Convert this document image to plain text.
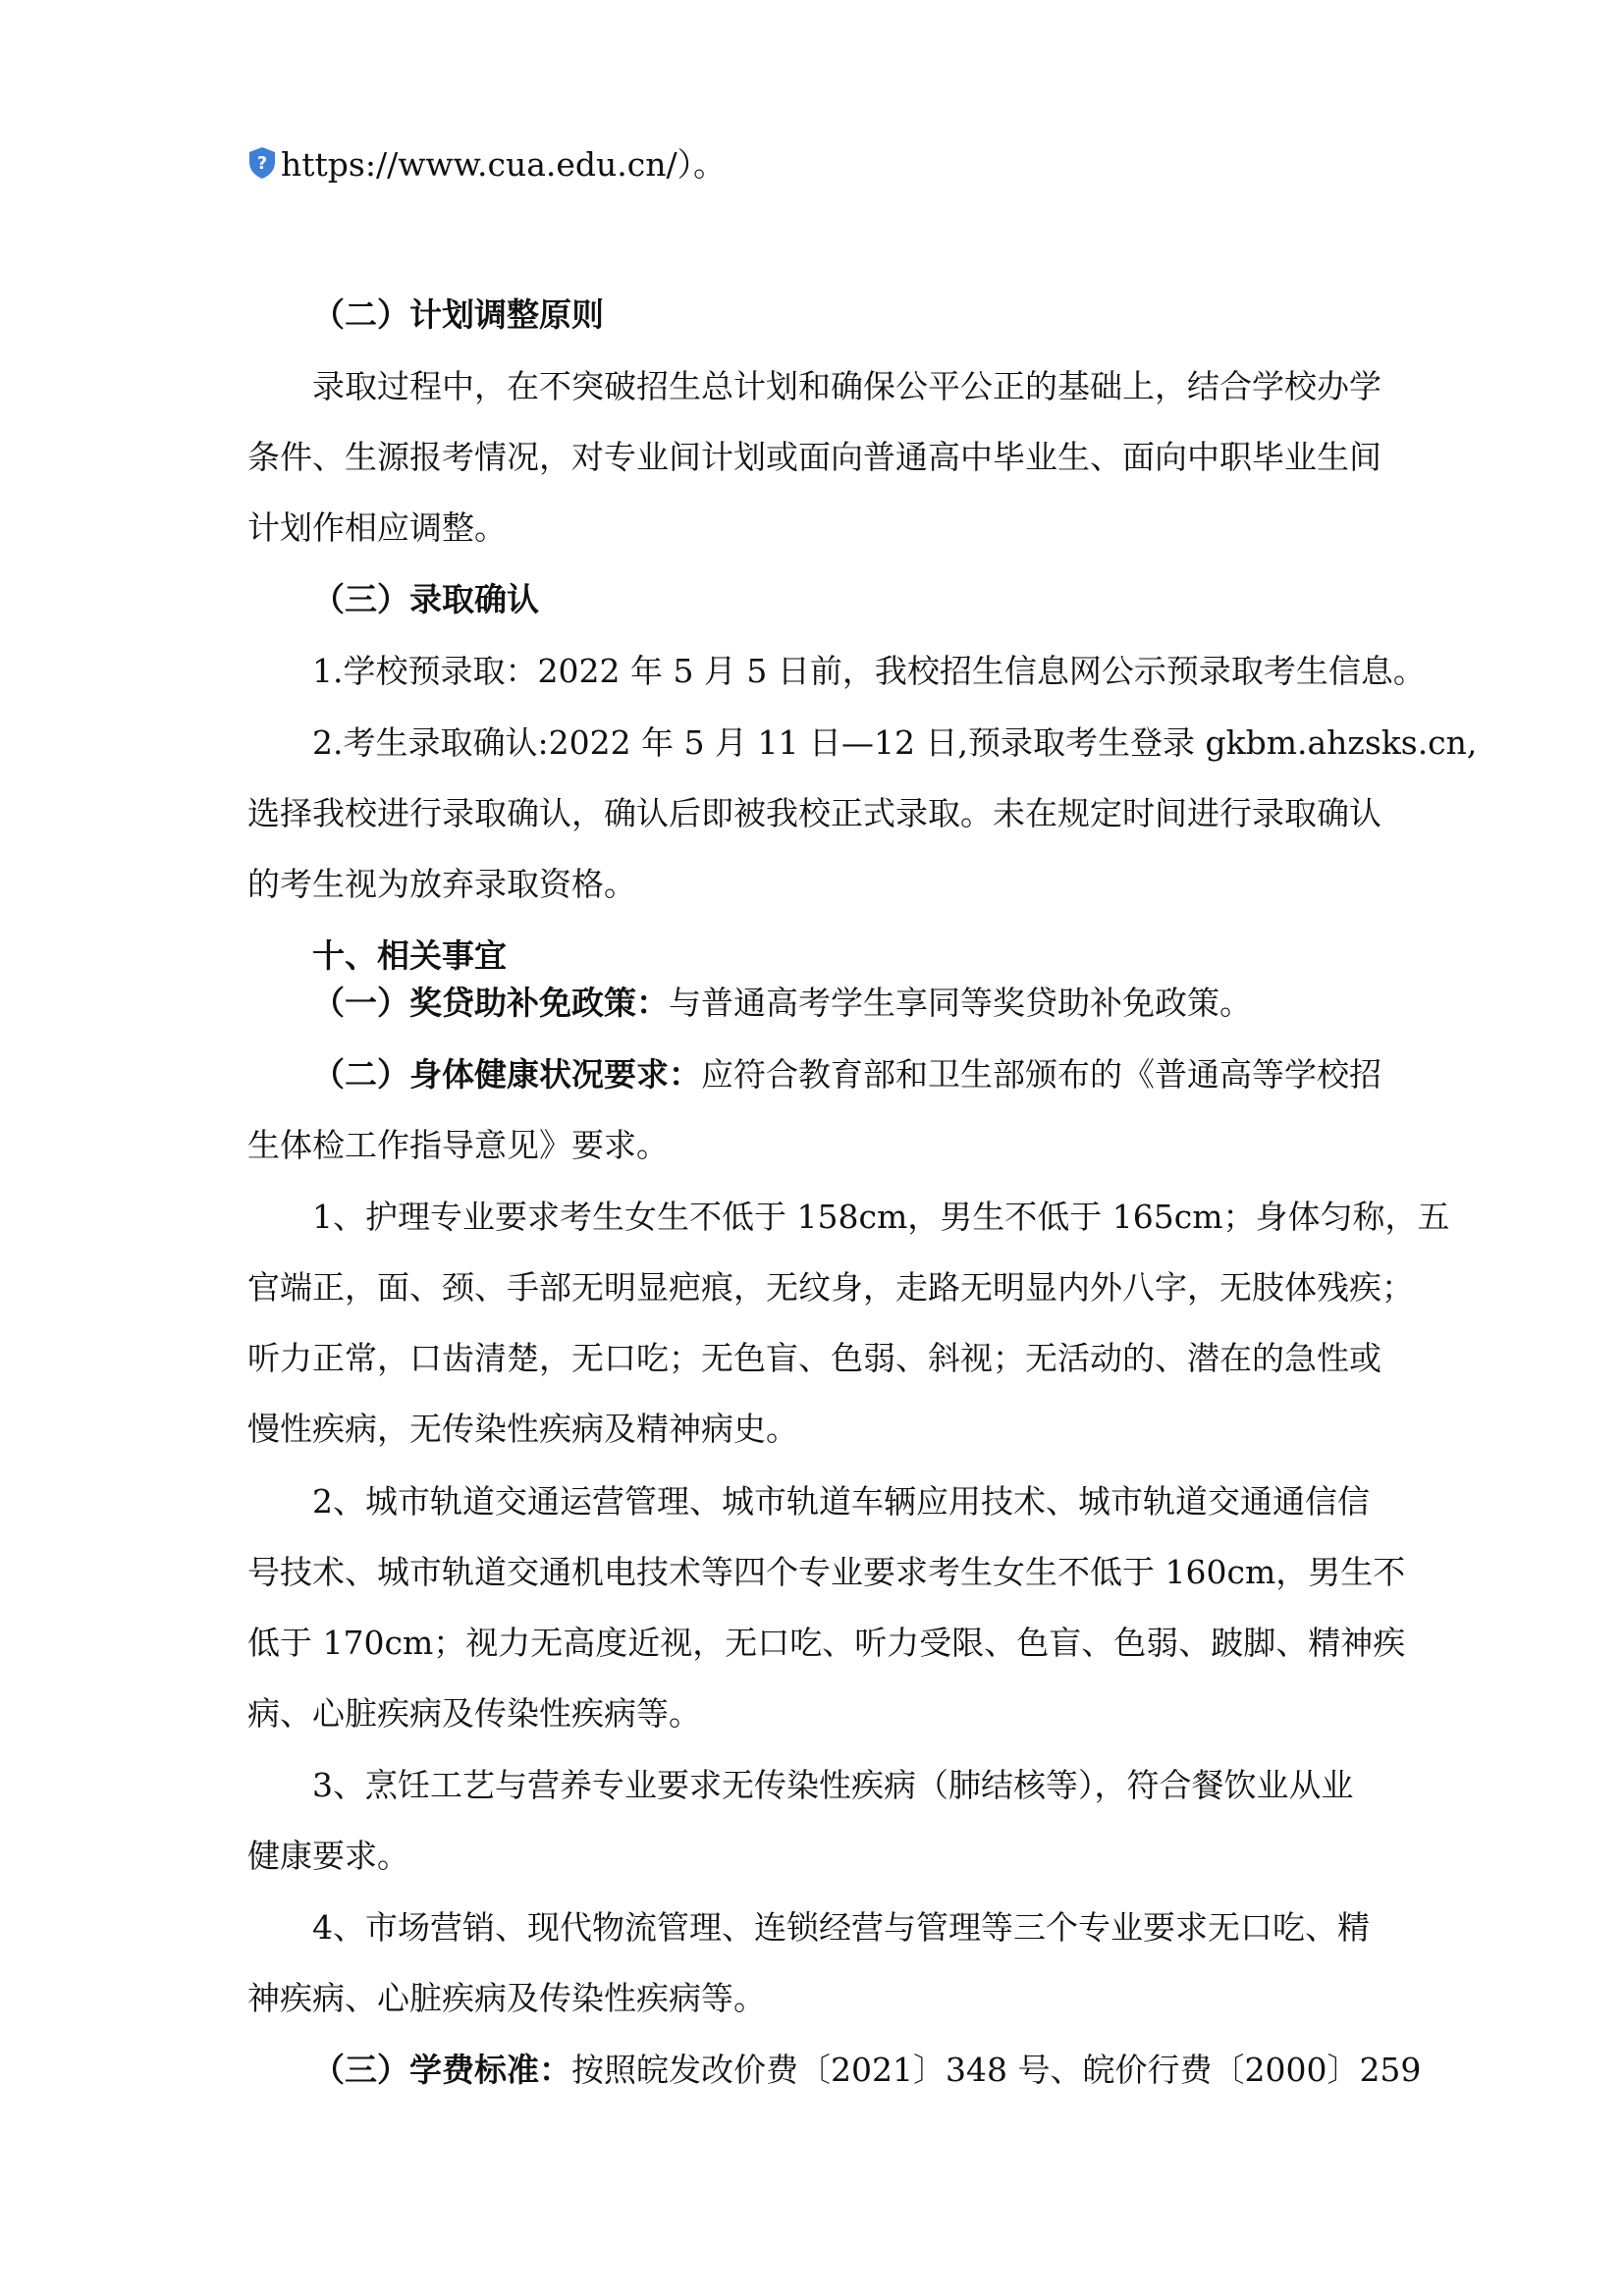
? https://www.cua.edu.cn/）。
（二）计划调整原则
录取过程中，在不突破招生总计划和确保公平公正的基础上，结合学校办学
条件、生源报考情况，对专业间计划或面向普通高中毕业生、面向中职毕业生间
计划作相应调整。
（三）录取确认
1.学校预录取：2022 年 5 月 5 日前，我校招生信息网公示预录取考生信息。
2.考生录取确认:2022 年 5 月 11 日—12 日,预录取考生登录 gkbm.ahzsks.cn,
选择我校进行录取确认，确认后即被我校正式录取。未在规定时间进行录取确认
的考生视为放弃录取资格。
十、相关事宜
（一）奖贷助补免政策：与普通高考学生享同等奖贷助补免政策。
（二）身体健康状况要求：应符合教育部和卫生部颁布的《普通高等学校招
生体检工作指导意见》要求。
1、护理专业要求考生女生不低于 158cm，男生不低于 165cm；身体匀称，五
官端正，面、颈、手部无明显疤痕，无纹身，走路无明显内外八字，无肢体残疾；
听力正常，口齿清楚，无口吃；无色盲、色弱、斜视；无活动的、潜在的急性或
慢性疾病，无传染性疾病及精神病史。
2、城市轨道交通运营管理、城市轨道车辆应用技术、城市轨道交通通信信
号技术、城市轨道交通机电技术等四个专业要求考生女生不低于 160cm，男生不
低于 170cm；视力无高度近视，无口吃、听力受限、色盲、色弱、跛脚、精神疾
病、心脏疾病及传染性疾病等。
3、烹饪工艺与营养专业要求无传染性疾病（肺结核等），符合餐饮业从业
健康要求。
4、市场营销、现代物流管理、连锁经营与管理等三个专业要求无口吃、精
神疾病、心脏疾病及传染性疾病等。
（三）学费标准：按照皖发改价费〔2021〕348 号、皖价行费〔2000〕259
